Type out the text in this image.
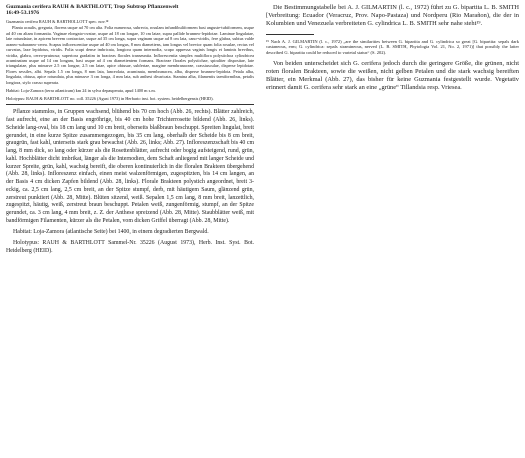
Guzmania cerifera RAUH & BARTHLOTT, Trop Subtrop Pflanzenwelt

16:49-53.1976

Guzmania cerifera RAUH & BARTHOLLOTT spec. nov.¹⁸

Planta acaulis, gregaria, florens usque ad 70 cm alta. Folia numerosa, subrecta, rosulam infundibuliformem basi anguste-tubiformem, usque ad 40 cm altam formantia. Vaginae elongato-ovatae, usque ad 18 cm longae, 10 cm latae, supra pallide brunneo-lepidotae. Laminae lingulatae, late rotundatae, in apicem brevem contractae, usque ad 35 cm longa, supra vaginam usque ad 8 cm lata, cano-viridis, fere glabra, subtus valde araneo-subaraneo-cerea. Scapus inflorescentiae usque ad 40 cm longus, 8 mm diametiens, tam longus vel brevior quam folia rosulae, rectus vel curvatus, laxe lepidotus, viridis. Folia scapi dense imbricata, longiora quam internodia, scapo appressa vaginis longis et laminis brevibus, viridia, glabra, cereo-pruinosa; superiora gradatim in bracteas florales transeuntia. Inflorescentia simplex multiflora polystichoa cylindricea acuminatam usque ad 14 cm longam, basi usque ad 4 cm diametientem formans. Bracteae florales polystichae, spiraliter dispositae, late triangulatae, plus minusve 2.5 cm longae, 2.5 cm latae, apice obtusae, subfertae, margine membranaceae, crassiusculae, disperse lepidotae. Flores sessiles, albi. Sepala 1.5 cm longa, 8 mm lata, lanceolata, acuminata, membranacea, alba, disperse brunneo-lepidota. Petala alba, lingulata, obtusa, apice rotundata, plus minusve 3 cm longa, 4 mm lata, sub anthesi divaricata. Stamina alba, filamentis taeniformibus, petalis longiora, stylo crasso superata.

Habitat: Loja-Zamora (terra atlanticum) km 24 in sylva depauperata, apud 1400 m s.m.

Holotypus: RAUH & BARTHLOTT no. coll. 35226 (Agust 1973) in Herbario inst. bot. system. heidelbergensis (HEID).

Pflanze stammlos, in Gruppen wachsend, blühend bis 70 cm hoch (Abb. 26, rechts). Blätter zahlreich, fast aufrecht, eine an der Basis engröhrige, bis 40 cm hohe Trichterrosette bildend (Abb. 26, links). Scheide lang-oval, bis 18 cm lang und 10 cm breit, oberseits blaßbraun beschuppt. Spreiten lingulat, breit gerundet, in eine kurze Spitze zusammengezogen, bis 35 cm lang, oberhalb der Scheide bis 8 cm breit, graugrün, fast kahl, unterseits stark grau bewachst (Abb. 26, links; Abb. 27). Infloreszenzschaft bis 40 cm lang, 8 mm dick, so lang oder kürzer als die Rosettenblätter, aufrecht oder bogig aufsteigend, rund, grün, kahl. Hochblätter dicht imbrikat, länger als die Internodien, dem Schaft anliegend mit langer Scheide und kurzer Spreite, grün, kahl, wachsig bereift, die oberen kontinuierlich in die floralen Brakteen übergehend (Abb. 28, links). Infloreszenz einfach, einen meist walzenförmigen, zugespitzten, bis 14 cm langen, an der Basis 4 cm dicken Zapfen bildend (Abb. 28, links). Florale Brakteen polystich angeordnet, breit 3-eckig, ca. 2,5 cm lang, 2,5 cm breit, an der Spitze stumpf, derb, mit häutigem Saum, glänzend grün, zerstreut punktiert (Abb. 28, Mitte). Blüten sitzend, weiß. Sepalen 1,5 cm lang, 8 mm breit, lanzettlich, zugespitzt, häutig, weiß, zerstreut braun beschuppt. Petalen weiß, zungenförmig, stumpf, an der Spitze gerundet, ca. 3 cm lang, 4 mm breit, z. Z. der Anthese spreizend (Abb. 28, Mitte). Staubblätter weiß, mit bandförmigen Filamenten, kürzer als die Petalen, vom dicken Griffel überragt (Abb. 28, Mitte).

Habitat: Loja-Zamora (atlantische Seite) bei 1400, in einem degradierten Bergwald.

Holotypus: RAUH & BARTHLOTT Sammel-Nr. 35226 (August 1973), Herb. Inst. Syst. Bot. Heidelberg (HEID).

Die Bestimmungstabelle bei A. J. GILMARTIN (l. c., 1972) führt zu G. bipartita L. B. SMITH [Verbreitung: Ecuador (Veracruz, Prov. Napo-Pastaza) und Nordperu (Rio Marañon), die der in Kolumbien und Venezuela verbreiteten G. cylindrica L. B. SMITH sehr nahe steht¹⁹.

¹⁹ Nach A. J. GILMARTIN (l. c., 1972) „are the similarities between G. bipartita and G. cylindrica so great [G. bipartita: sepals dark castaneous, erm; G. cylindrica: sepals stramineous, nerved (L. B. SMITH, Phytologia Vol. 21, No. 2, 1971)] that possibly the latter described G. bipartita could be reduced to varietal status“ (S. 202).

Von beiden unterscheidet sich G. cerifera jedoch durch die geringere Größe, die grünen, nicht roten floralen Brakteen, sowie die weißen, nicht gelben Petalen und die stark wachsig bereiften Blätter, ein Merkmal (Abb. 27), das bisher für keine Guzmania festgestellt wurde. Vegetativ erinnert damit G. cerifera sehr stark an eine „grüne“ Tillandsia resp. Vriesea.
